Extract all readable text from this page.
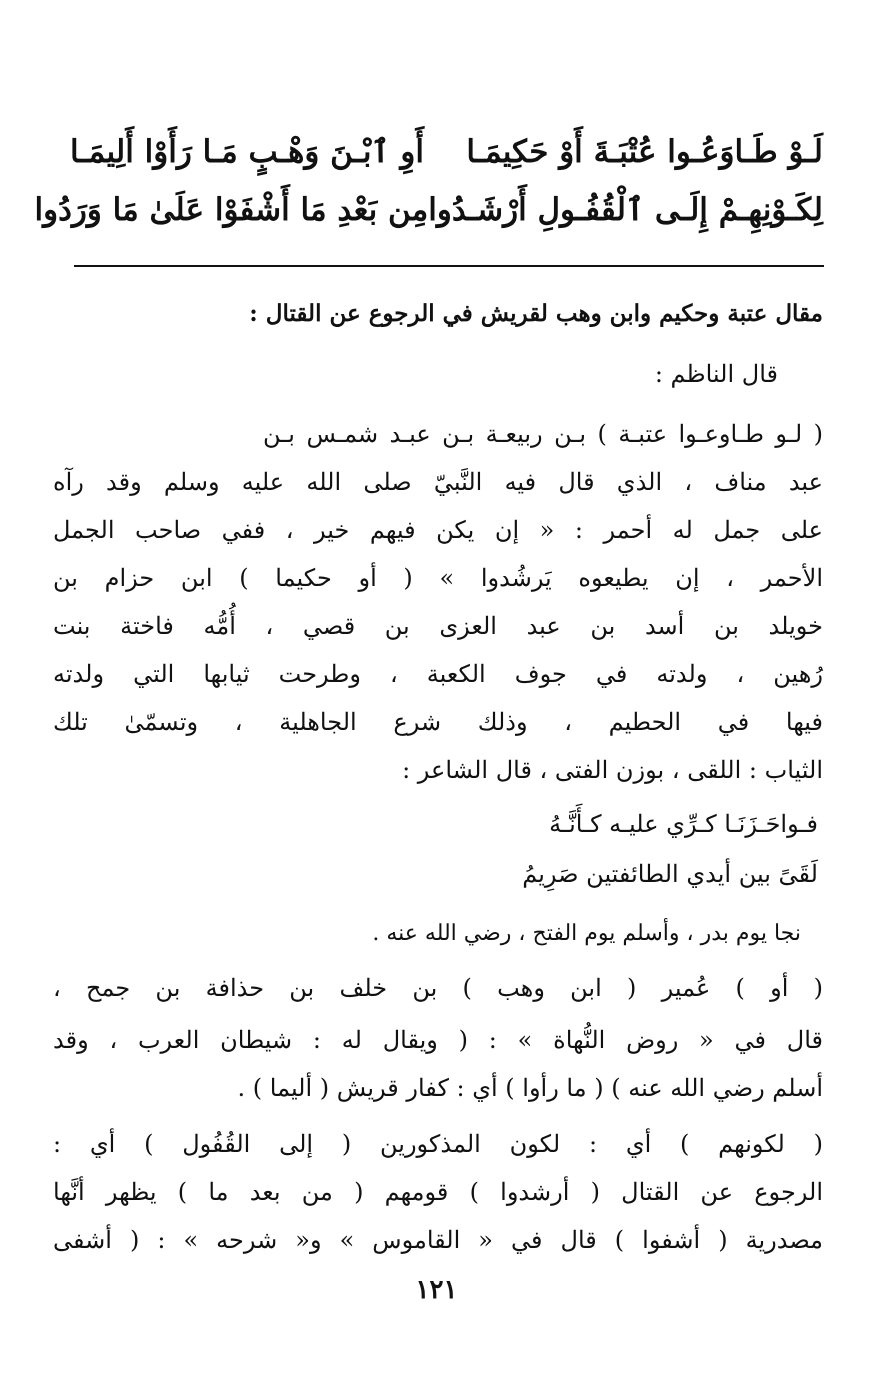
لَـوْ طَـاوَعُـوا عُتْبَـةَ أَوْ حَكِيمَـا
أَوِ ٱبْـنَ وَهْـبٍ مَـا رَأَوْا أَلِيمَـا
لِكَـوْنِهِـمْ إِلَـى ٱلْقُفُـولِ أَرْشَـدُوا
مِن بَعْدِ مَا أَشْفَوْا عَلَىٰ مَا وَرَدُوا
مقال عتبة وحكيم وابن وهب لقريش في الرجوع عن القتال :
قال الناظم :
( لـو طـاوعـوا عتبـة ) بـن ربيعـة بـن عبـد شمـس بـن
عبد مناف ، الذي قال فيه النَّبيّ صلى الله عليه وسلم وقد رآه
على جمل له أحمر : « إن يكن فيهم خير ، ففي صاحب الجمل
الأحمر ، إن يطيعوه يَرشُدوا » ( أو حكيما ) ابن حزام بن
خويلد بن أسد بن عبد العزى بن قصي ، أُمُّه فاختة بنت
رُهين ، ولدته في جوف الكعبة ، وطرحت ثيابها التي ولدته
فيها في الحطيم ، وذلك شرع الجاهلية ، وتسمّىٰ تلك
الثياب : اللقى ، بوزن الفتى ، قال الشاعر :
فـواحَـزَنَـا كـرِّي عليـه كـأَنَّـهُ
لَقَىً بين أيدي الطائفتين صَرِيمُ
نجا يوم بدر ، وأسلم يوم الفتح ، رضي الله عنه .
( أو ) عُمير ( ابن وهب ) بن خلف بن حذافة بن جمح ،
قال في « روض النُّهاة » : ( ويقال له : شيطان العرب ، وقد
أسلم رضي الله عنه ) ( ما رأوا ) أي : كفار قريش ( أليما ) .
( لكونهم ) أي : لكون المذكورين ( إلى القُفُول ) أي :
الرجوع عن القتال ( أرشدوا ) قومهم ( من بعد ما ) يظهر أنَّها
مصدرية ( أشفوا ) قال في « القاموس » و« شرحه » : ( أشفى
١٢١
